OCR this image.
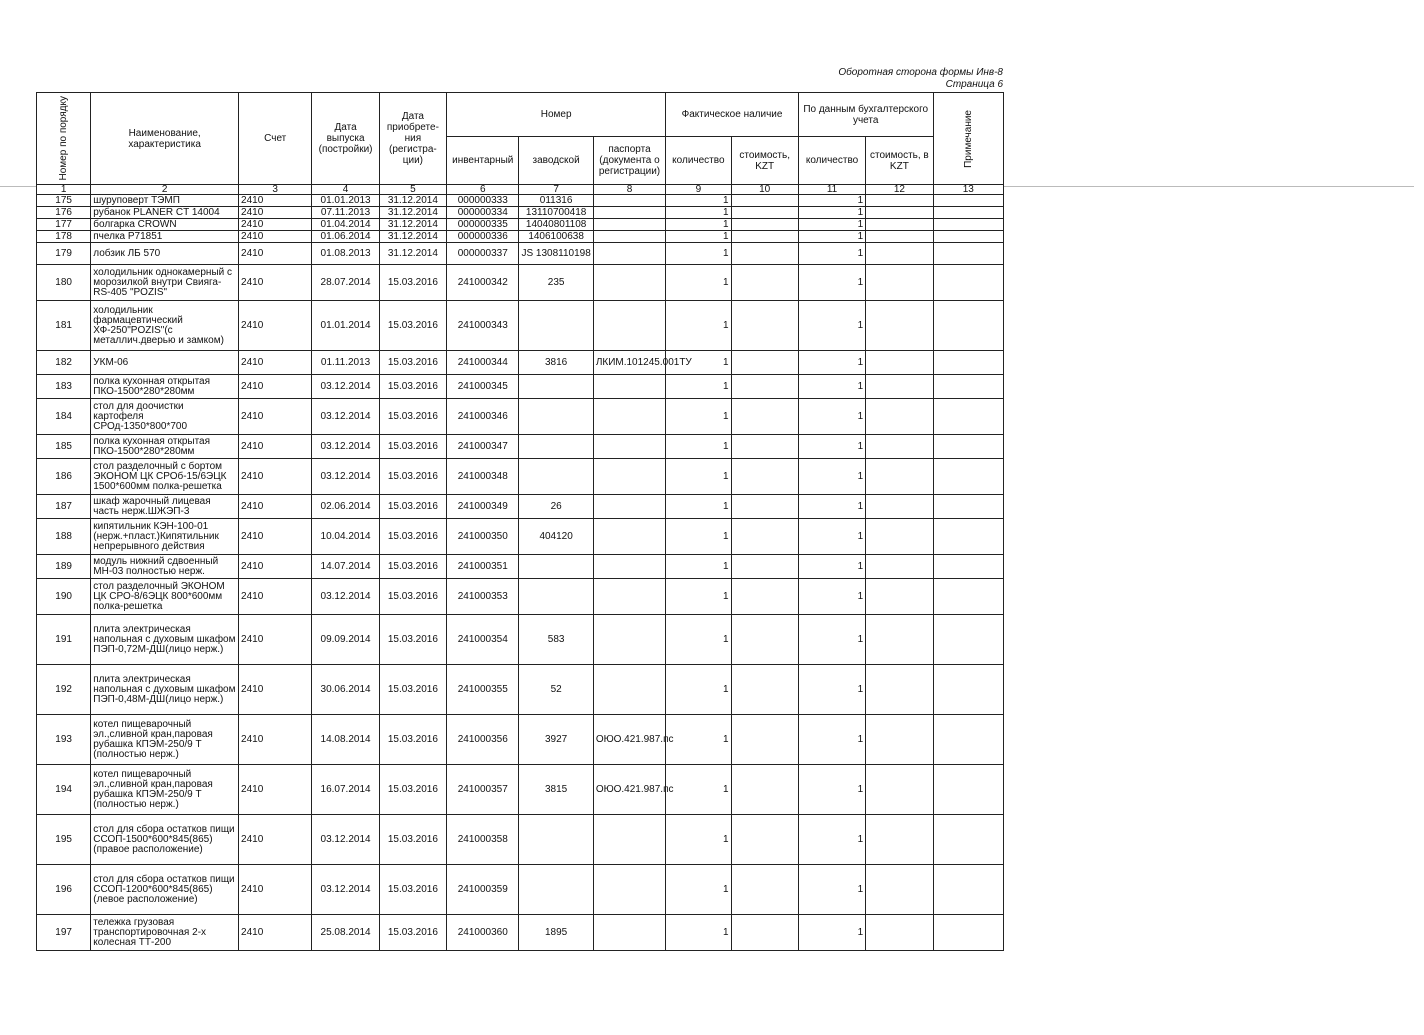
Оборотная сторона формы Инв-8
Страница 6
Номер по порядку	Наименование, характеристика	Счет	Дата выпуска (постройки)	Дата приобрете-ния (регистра-ции)	Номер			Фактическое наличие		По данным бухгалтерского учета		Примечание

					инвентарный	заводской	паспорта (документа о регистрации)	количество	стоимость, KZT	количество	стоимость, в KZT	
1	2	3	4	5	6	7	8	9	10	11	12	13
175	шуруповерт ТЭМП	2410	01.01.2013	31.12.2014	000000333	011316		1		1		
176	рубанок PLANER CT 14004	2410	07.11.2013	31.12.2014	000000334	13110700418		1		1		
177	болгарка CROWN	2410	01.04.2014	31.12.2014	000000335	14040801108		1		1		
178	пчелка Р71851	2410	01.06.2014	31.12.2014	000000336	1406100638		1		1		
179	лобзик ЛБ 570	2410	01.08.2013	31.12.2014	000000337	JS 1308110198		1		1		
180	холодильник однокамерный с морозилкой внутри Свияга-RS-405 "POZIS"	2410	28.07.2014	15.03.2016	241000342	235		1		1		
181	холодильник фармацевтический ХФ-250"POZIS"(с металлич.дверью и замком)	2410	01.01.2014	15.03.2016	241000343			1		1		
182	УКМ-06	2410	01.11.2013	15.03.2016	241000344	3816	ЛКИМ.101245.001ТУ	1		1		
183	полка кухонная открытая ПКО-1500*280*280мм	2410	03.12.2014	15.03.2016	241000345			1		1		
184	стол для доочистки картофеля СРОд-1350*800*700	2410	03.12.2014	15.03.2016	241000346			1		1		
185	полка кухонная открытая ПКО-1500*280*280мм	2410	03.12.2014	15.03.2016	241000347			1		1		
186	стол разделочный с бортом ЭКОНОМ ЦК СРОб-15/6ЭЦК 1500*600мм полка-решетка	2410	03.12.2014	15.03.2016	241000348			1		1		
187	шкаф жарочный лицевая часть нерж.ШЖЭП-3	2410	02.06.2014	15.03.2016	241000349	26		1		1		
188	кипятильник КЭН-100-01 (нерж.+пласт.)Кипятильник непрерывного действия	2410	10.04.2014	15.03.2016	241000350	404120		1		1		
189	модуль нижний сдвоенный МН-03 полностью нерж.	2410	14.07.2014	15.03.2016	241000351			1		1		
190	стол разделочный ЭКОНОМ ЦК СРО-8/6ЭЦК 800*600мм полка-решетка	2410	03.12.2014	15.03.2016	241000353			1		1		
191	плита электрическая напольная с духовым шкафом ПЭП-0,72М-ДШ(лицо нерж.)	2410	09.09.2014	15.03.2016	241000354	583		1		1		
192	плита электрическая напольная с духовым шкафом ПЭП-0,48М-ДШ(лицо нерж.)	2410	30.06.2014	15.03.2016	241000355	52		1		1		
193	котел пищеварочный эл.,сливной кран,паровая рубашка КПЭМ-250/9 Т (полностью нерж.)	2410	14.08.2014	15.03.2016	241000356	3927	ОЮО.421.987.пс	1		1		
194	котел пищеварочный эл.,сливной кран,паровая рубашка КПЭМ-250/9 Т (полностью нерж.)	2410	16.07.2014	15.03.2016	241000357	3815	ОЮО.421.987.пс	1		1		
195	стол для сбора остатков пищи ССОП-1500*600*845(865)(правое расположение)	2410	03.12.2014	15.03.2016	241000358			1		1		
196	стол для сбора остатков пищи ССОП-1200*600*845(865)(левое расположение)	2410	03.12.2014	15.03.2016	241000359			1		1		
197	тележка грузовая транспортировочная 2-х колесная ТТ-200	2410	25.08.2014	15.03.2016	241000360	1895		1		1		
